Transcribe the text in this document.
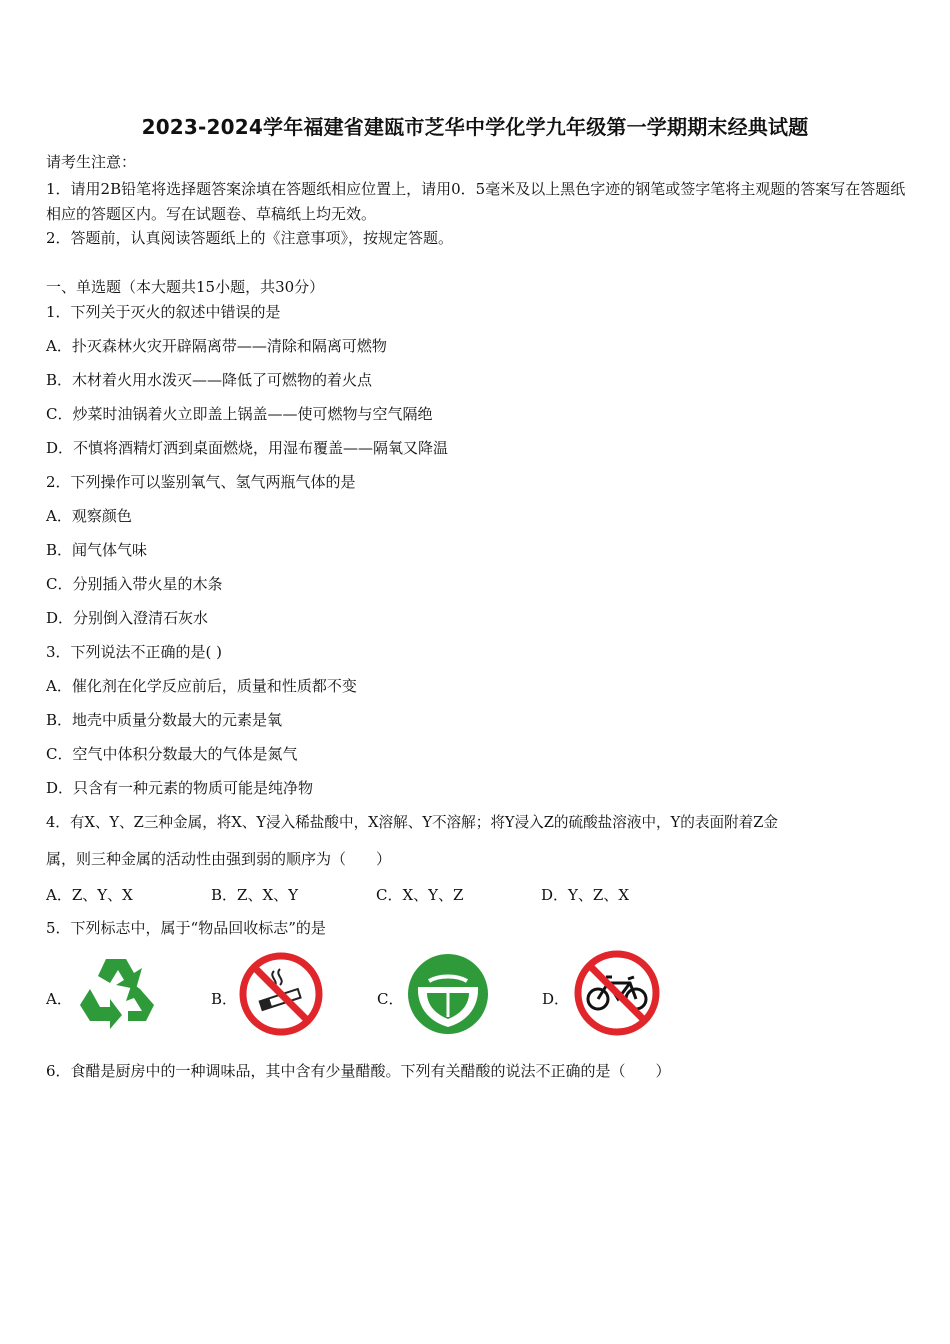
2023-2024学年福建省建瓯市芝华中学化学九年级第一学期期末经典试题
请考生注意：
1．请用2B铅笔将选择题答案涂填在答题纸相应位置上，请用0．5毫米及以上黑色字迹的钢笔或签字笔将主观题的答案写在答题纸相应的答题区内。写在试题卷、草稿纸上均无效。
2．答题前，认真阅读答题纸上的《注意事项》，按规定答题。
一、单选题（本大题共15小题，共30分）
1．下列关于灭火的叙述中错误的是
A．扑灭森林火灾开辟隔离带——清除和隔离可燃物
B．木材着火用水泼灭——降低了可燃物的着火点
C．炒菜时油锅着火立即盖上锅盖——使可燃物与空气隔绝
D．不慎将酒精灯洒到桌面燃烧，用湿布覆盖——隔氧又降温
2．下列操作可以鉴别氧气、氢气两瓶气体的是
A．观察颜色
B．闻气体气味
C．分别插入带火星的木条
D．分别倒入澄清石灰水
3．下列说法不正确的是( )
A．催化剂在化学反应前后，质量和性质都不变
B．地壳中质量分数最大的元素是氧
C．空气中体积分数最大的气体是氮气
D．只含有一种元素的物质可能是纯净物
4．有X、Y、Z三种金属，将X、Y浸入稀盐酸中，X溶解、Y不溶解；将Y浸入Z的硫酸盐溶液中，Y的表面附着Z金
属，则三种金属的活动性由强到弱的顺序为（　　）
A．Z、Y、X	B．Z、X、Y	C．X、Y、Z	D．Y、Z、X
5．下列标志中，属于“物品回收标志”的是
A．	B．	C．	D．
6．食醋是厨房中的一种调味品，其中含有少量醋酸。下列有关醋酸的说法不正确的是（　　）
